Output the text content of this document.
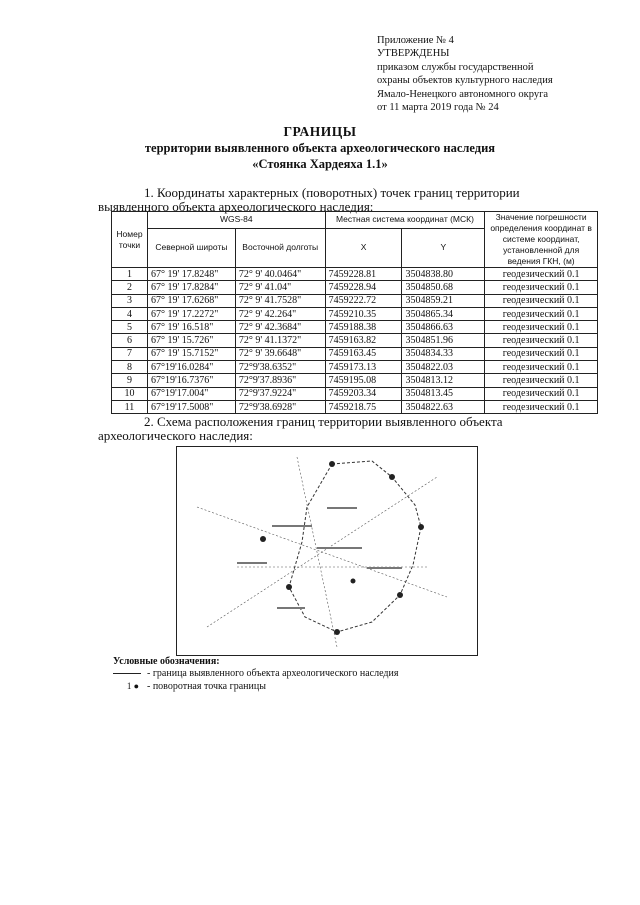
Приложение № 4
УТВЕРЖДЕНЫ
приказом службы государственной
охраны объектов культурного наследия
Ямало-Ненецкого автономного округа
от 11 марта 2019 года № 24
ГРАНИЦЫ
территории выявленного объекта археологического наследия
«Стоянка Хардеяха 1.1»
1. Координаты характерных (поворотных) точек границ территории
выявленного объекта археологического наследия:
Номер точки	WGS-84		Местная система координат (МСК)		Значение погрешности определения координат в системе координат, установленной для ведения ГКН, (м)
	Северной широты	Восточной долготы	X	Y	
1	67° 19' 17.8248"	72° 9' 40.0464"	7459228.81	3504838.80	геодезический 0.1
2	67° 19' 17.8284"	72° 9' 41.04"	7459228.94	3504850.68	геодезический 0.1
3	67° 19' 17.6268"	72° 9' 41.7528"	7459222.72	3504859.21	геодезический 0.1
4	67° 19' 17.2272"	72° 9' 42.264"	7459210.35	3504865.34	геодезический 0.1
5	67° 19' 16.518"	72° 9' 42.3684"	7459188.38	3504866.63	геодезический 0.1
6	67° 19' 15.726"	72° 9' 41.1372"	7459163.82	3504851.96	геодезический 0.1
7	67° 19' 15.7152"	72° 9' 39.6648"	7459163.45	3504834.33	геодезический 0.1
8	67°19'16.0284"	72°9'38.6352"	7459173.13	3504822.03	геодезический 0.1
9	67°19'16.7376"	72°9'37.8936"	7459195.08	3504813.12	геодезический 0.1
10	67°19'17.004"	72°9'37.9224"	7459203.34	3504813.45	геодезический 0.1
11	67°19'17.5008"	72°9'38.6928"	7459218.75	3504822.63	геодезический 0.1
2. Схема расположения границ территории выявленного объекта
археологического наследия:
Условные обозначения:
- граница выявленного объекта археологического наследия
1 ● - поворотная точка границы
